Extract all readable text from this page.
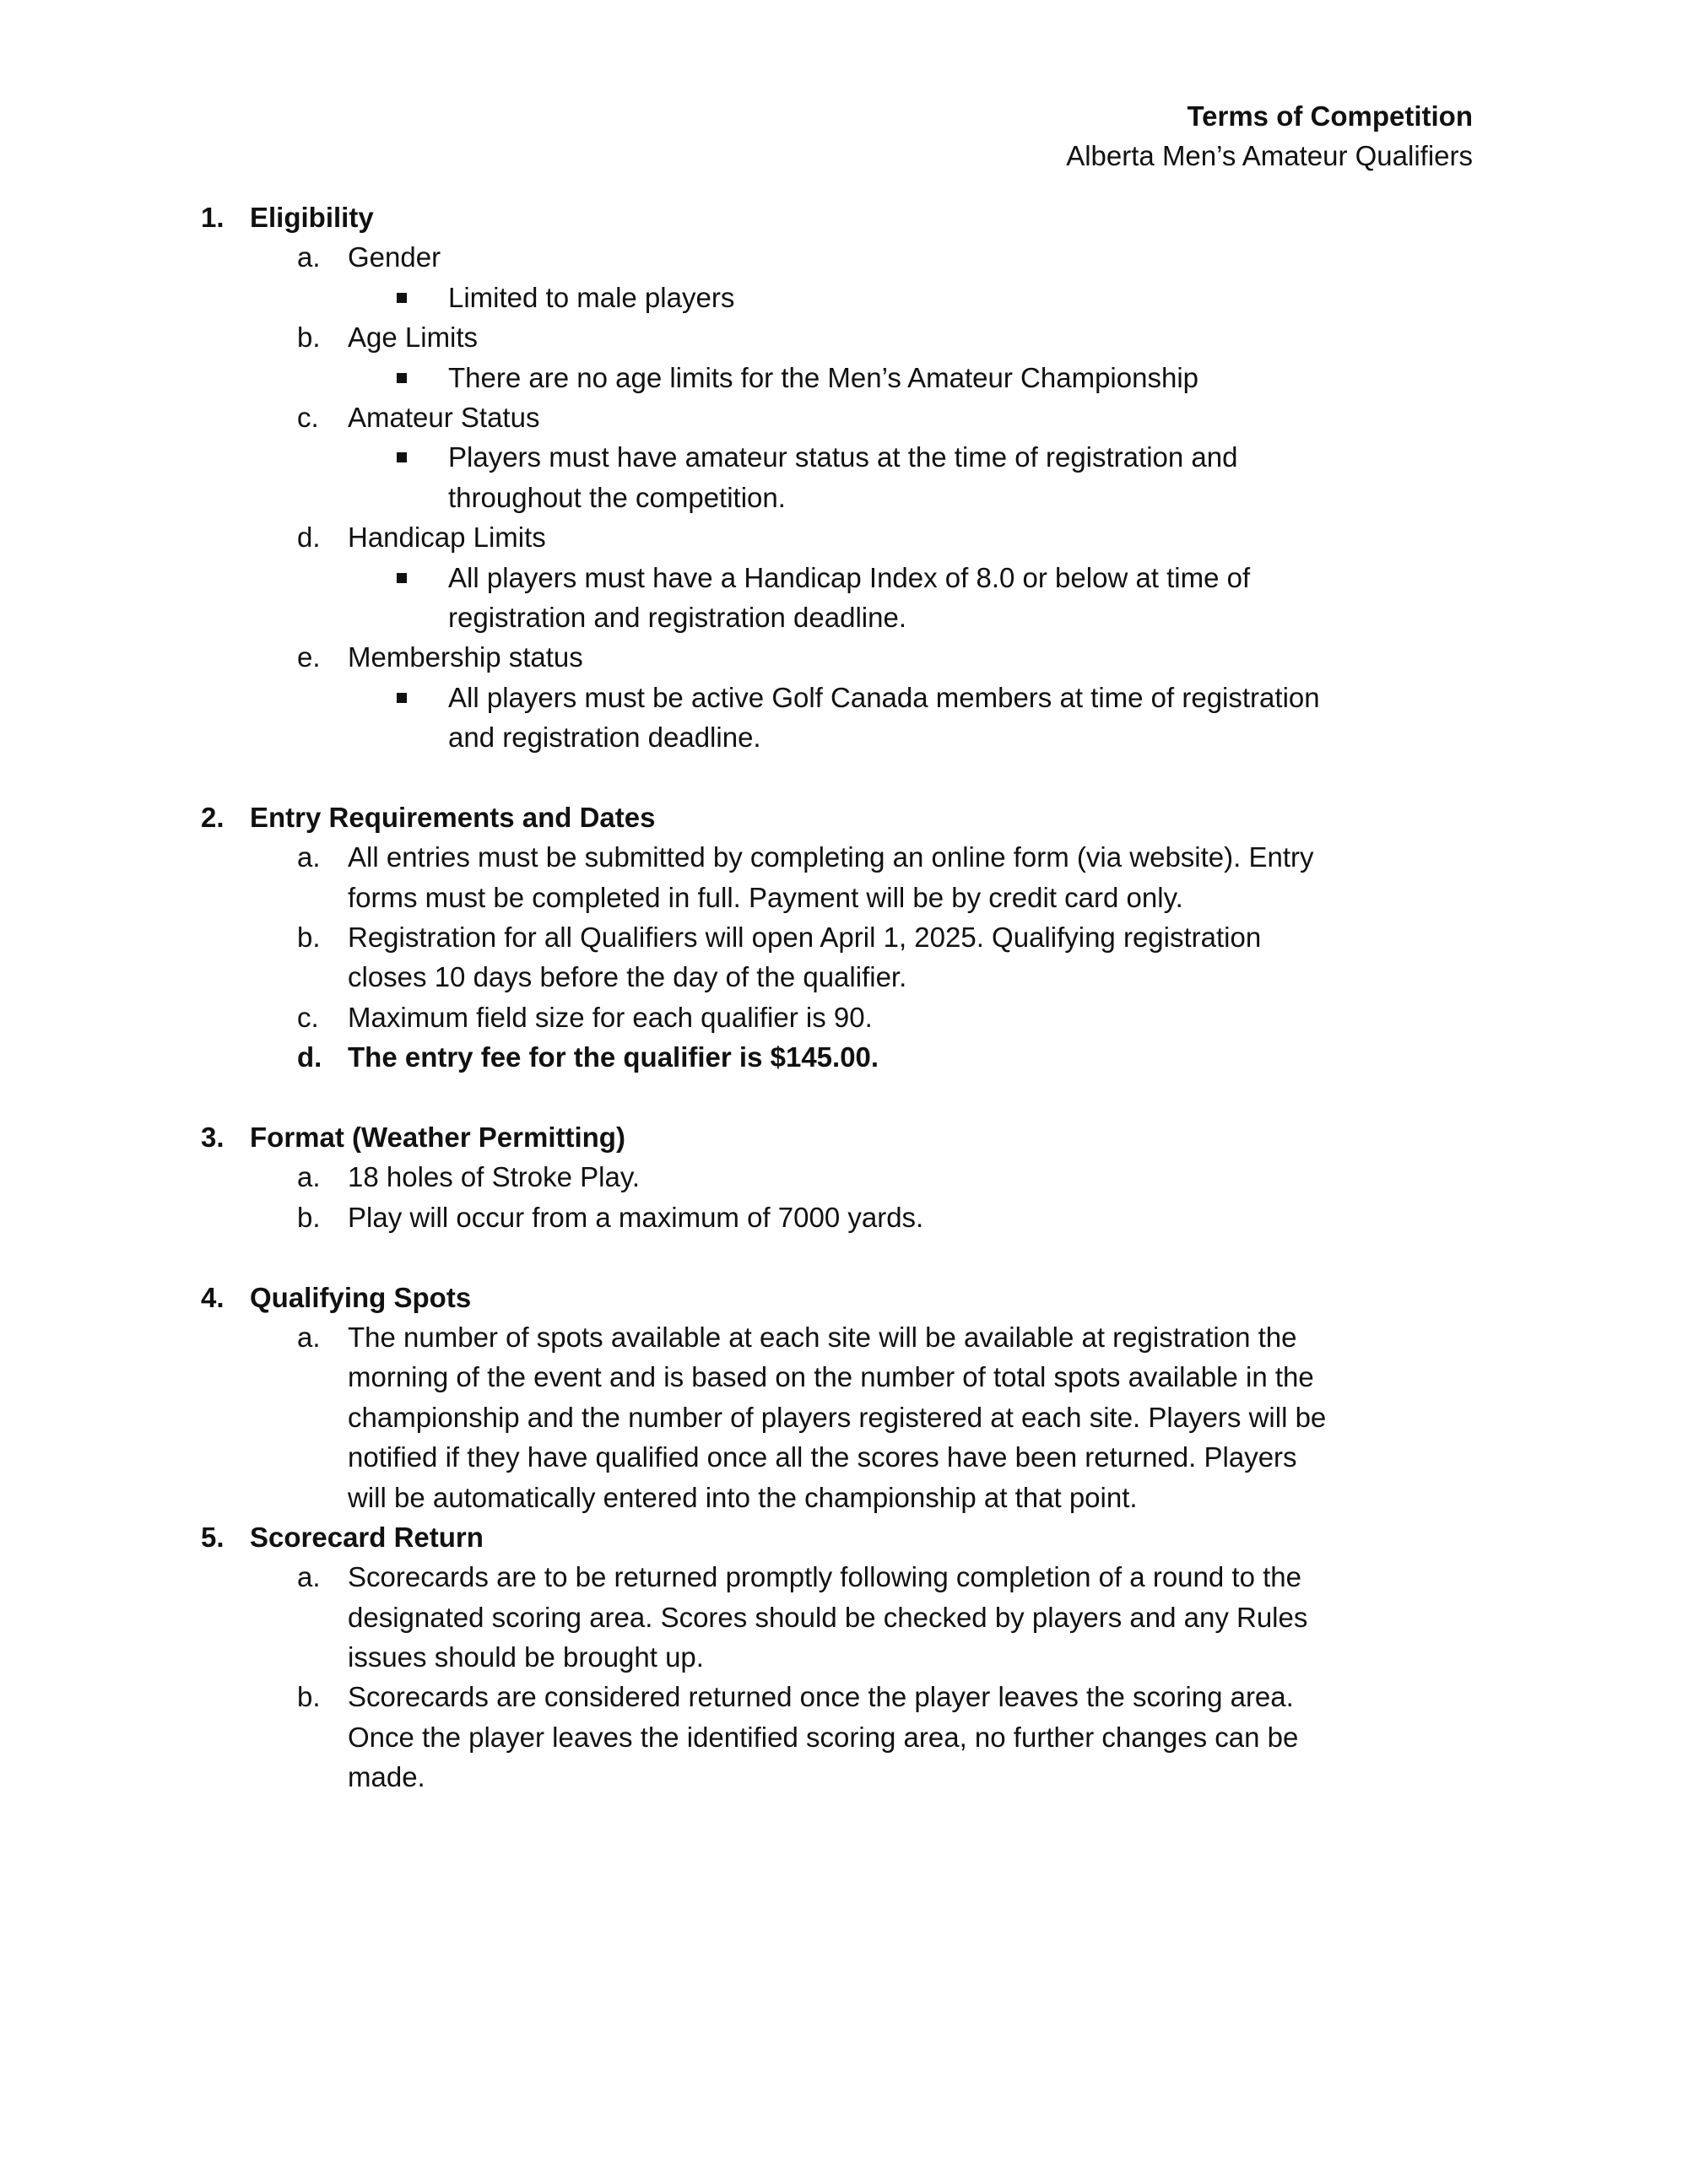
Terms of Competition
Alberta Men’s Amateur Qualifiers
1. Eligibility
a. Gender
Limited to male players
b. Age Limits
There are no age limits for the Men’s Amateur Championship
c. Amateur Status
Players must have amateur status at the time of registration and
throughout the competition.
d. Handicap Limits
All players must have a Handicap Index of 8.0 or below at time of
registration and registration deadline.
e. Membership status
All players must be active Golf Canada members at time of registration
and registration deadline.
2. Entry Requirements and Dates
a. All entries must be submitted by completing an online form (via website). Entry
forms must be completed in full. Payment will be by credit card only.
b. Registration for all Qualifiers will open April 1, 2025. Qualifying registration
closes 10 days before the day of the qualifier.
c. Maximum field size for each qualifier is 90.
d. The entry fee for the qualifier is $145.00.
3. Format (Weather Permitting)
a. 18 holes of Stroke Play.
b. Play will occur from a maximum of 7000 yards.
4. Qualifying Spots
a. The number of spots available at each site will be available at registration the
morning of the event and is based on the number of total spots available in the
championship and the number of players registered at each site. Players will be
notified if they have qualified once all the scores have been returned. Players
will be automatically entered into the championship at that point.
5. Scorecard Return
a. Scorecards are to be returned promptly following completion of a round to the
designated scoring area. Scores should be checked by players and any Rules
issues should be brought up.
b. Scorecards are considered returned once the player leaves the scoring area.
Once the player leaves the identified scoring area, no further changes can be
made.
